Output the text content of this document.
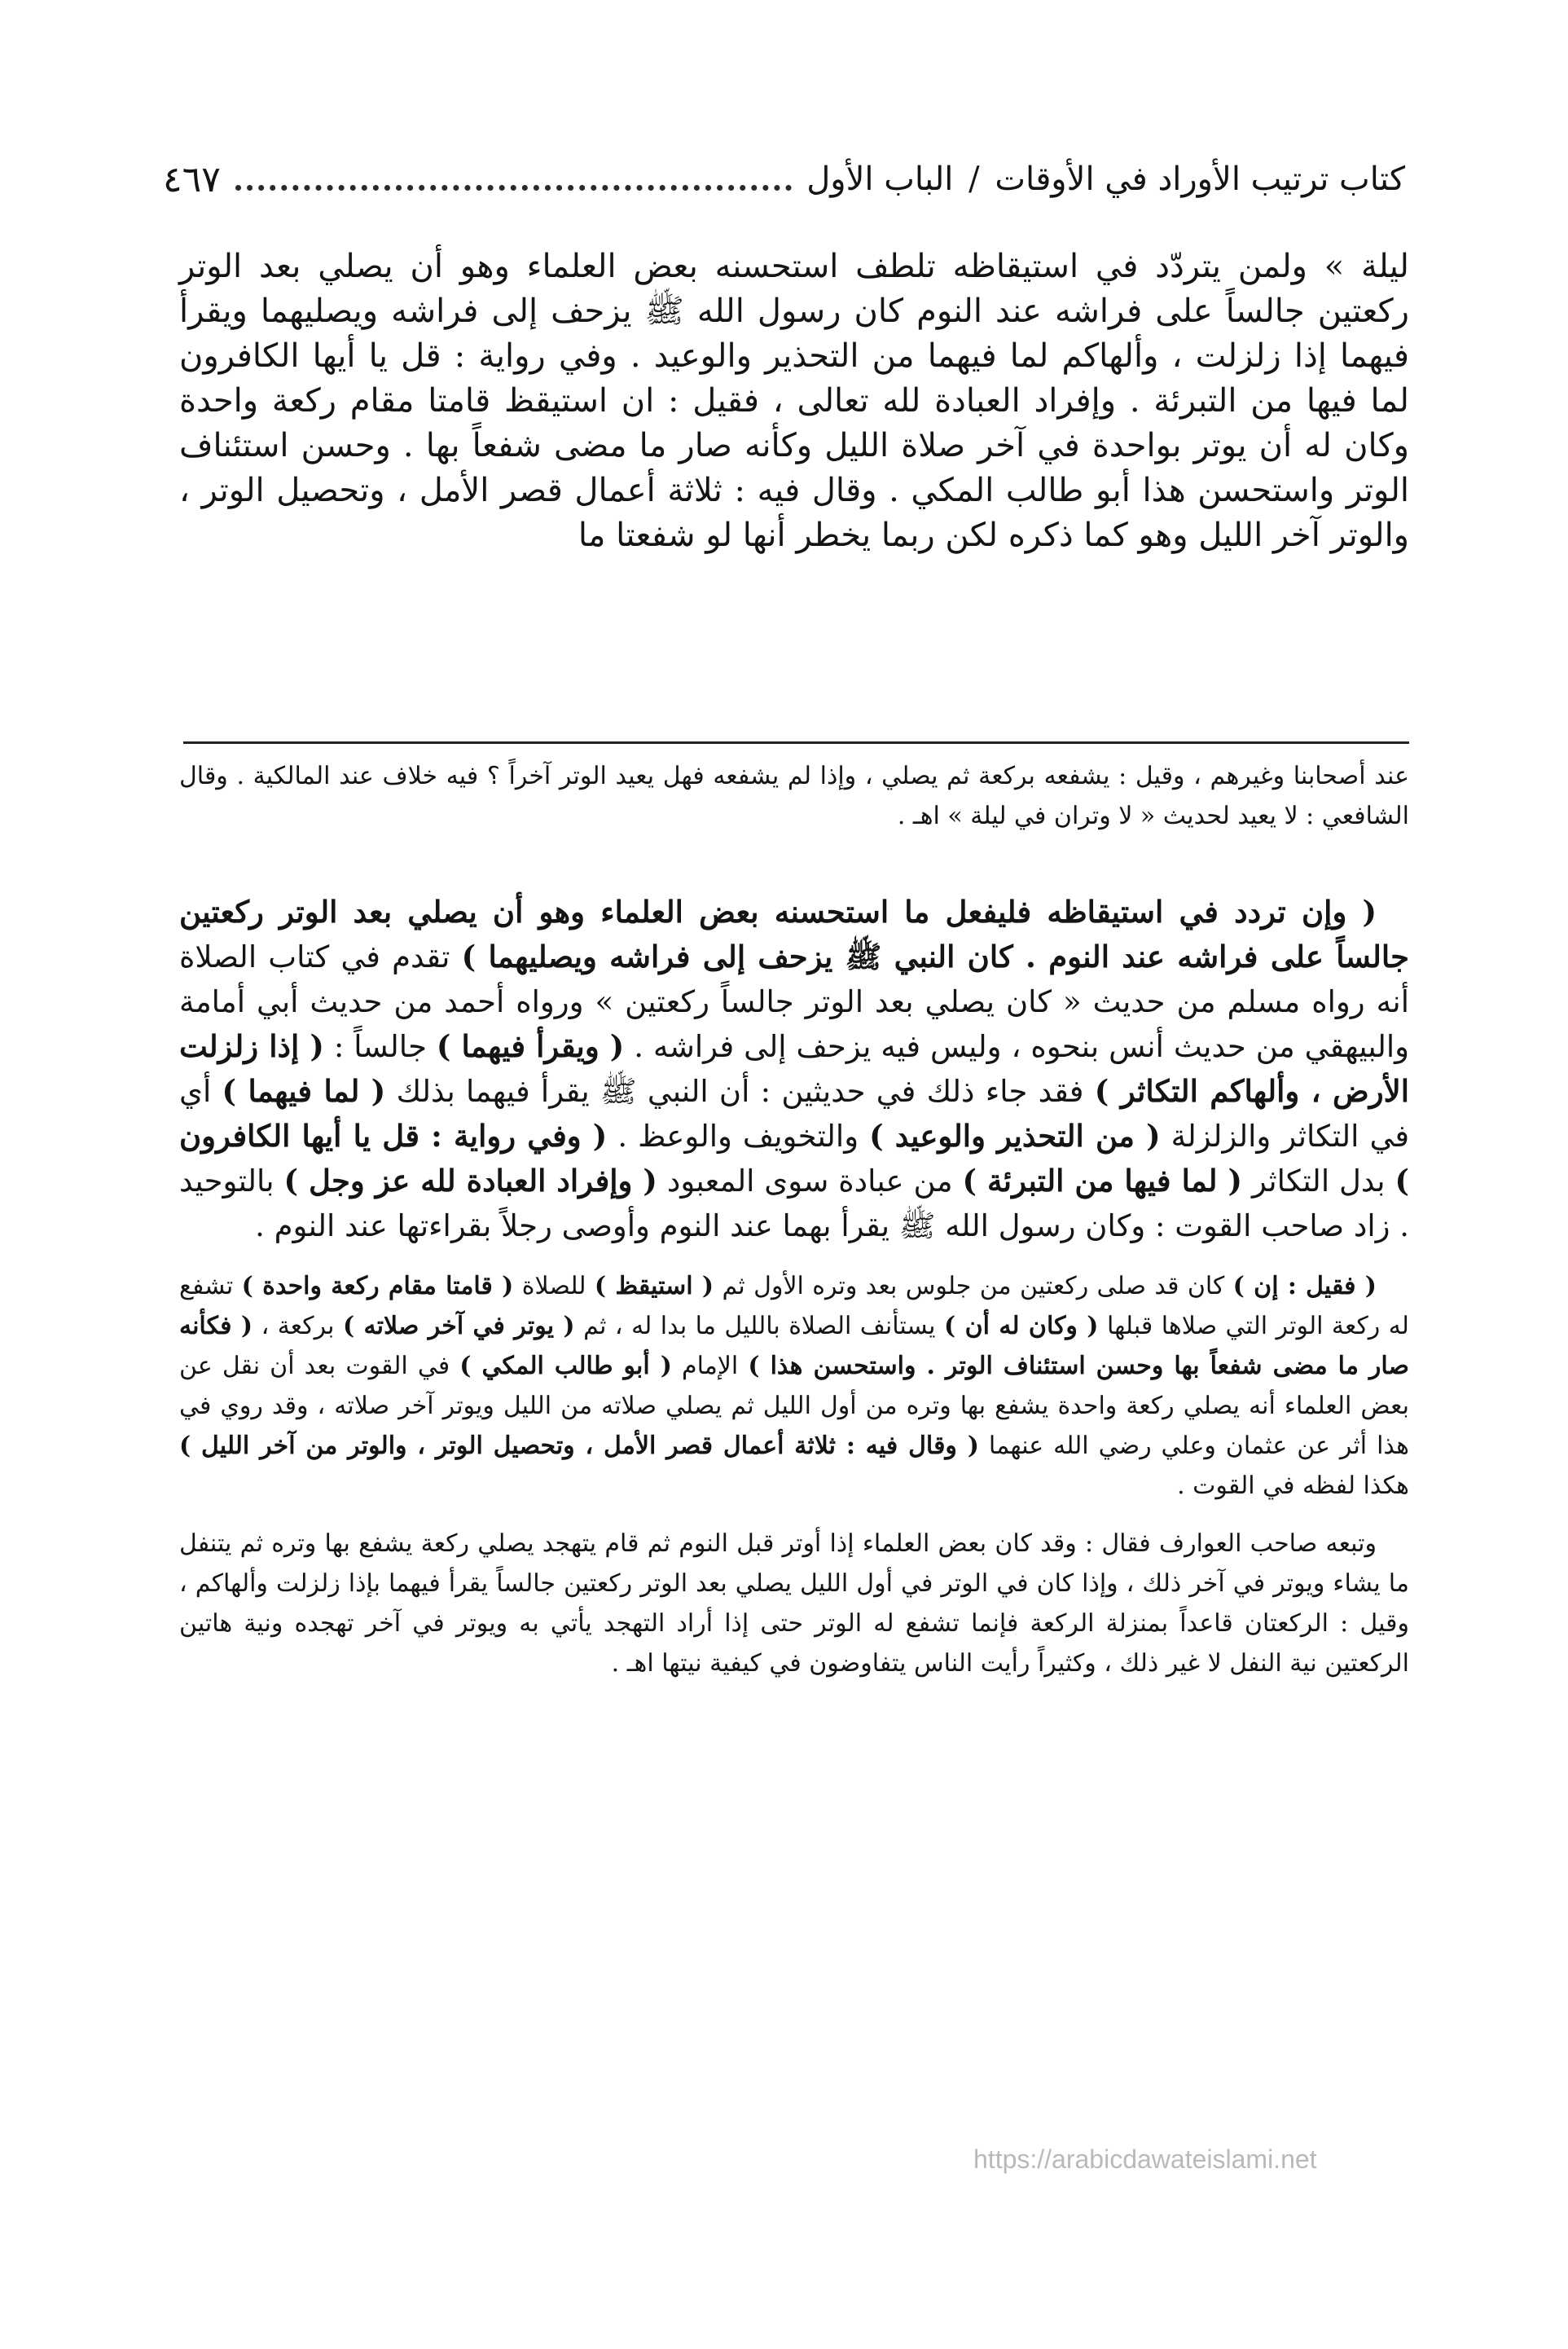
كتاب ترتيب الأوراد في الأوقات / الباب الأول
٤٦٧
ليلة » ولمن يتردّد في استيقاظه تلطف استحسنه بعض العلماء وهو أن يصلي بعد الوتر ركعتين جالساً على فراشه عند النوم كان رسول الله ﷺ يزحف إلى فراشه ويصليهما ويقرأ فيهما إذا زلزلت ، وألهاكم لما فيهما من التحذير والوعيد . وفي رواية : قل يا أيها الكافرون لما فيها من التبرئة . وإفراد العبادة لله تعالى ، فقيل : ان استيقظ قامتا مقام ركعة واحدة وكان له أن يوتر بواحدة في آخر صلاة الليل وكأنه صار ما مضى شفعاً بها . وحسن استئناف الوتر واستحسن هذا أبو طالب المكي . وقال فيه : ثلاثة أعمال قصر الأمل ، وتحصيل الوتر ، والوتر آخر الليل وهو كما ذكره لكن ربما يخطر أنها لو شفعتا ما
عند أصحابنا وغيرهم ، وقيل : يشفعه بركعة ثم يصلي ، وإذا لم يشفعه فهل يعيد الوتر آخراً ؟ فيه خلاف عند المالكية . وقال الشافعي : لا يعيد لحديث « لا وتران في ليلة » اهـ .

( وإن تردد في استيقاظه فليفعل ما استحسنه بعض العلماء وهو أن يصلي بعد الوتر ركعتين جالساً على فراشه عند النوم . كان النبي ﷺ يزحف إلى فراشه ويصليهما ) تقدم في كتاب الصلاة أنه رواه مسلم من حديث « كان يصلي بعد الوتر جالساً ركعتين » ورواه أحمد من حديث أبي أمامة والبيهقي من حديث أنس بنحوه ، وليس فيه يزحف إلى فراشه . ( ويقرأ فيهما ) جالساً : ( إذا زلزلت الأرض ، وألهاكم التكاثر ) فقد جاء ذلك في حديثين : أن النبي ﷺ يقرأ فيهما بذلك ( لما فيهما ) أي في التكاثر والزلزلة ( من التحذير والوعيد ) والتخويف والوعظ . ( وفي رواية : قل يا أيها الكافرون ) بدل التكاثر ( لما فيها من التبرئة ) من عبادة سوى المعبود ( وإفراد العبادة لله عز وجل ) بالتوحيد . زاد صاحب القوت : وكان رسول الله ﷺ يقرأ بهما عند النوم وأوصى رجلاً بقراءتها عند النوم .

( فقيل : إن ) كان قد صلى ركعتين من جلوس بعد وتره الأول ثم ( استيقظ ) للصلاة ( قامتا مقام ركعة واحدة ) تشفع له ركعة الوتر التي صلاها قبلها ( وكان له أن ) يستأنف الصلاة بالليل ما بدا له ، ثم ( يوتر في آخر صلاته ) بركعة ، ( فكأنه صار ما مضى شفعاً بها وحسن استئناف الوتر . واستحسن هذا ) الإمام ( أبو طالب المكي ) في القوت بعد أن نقل عن بعض العلماء أنه يصلي ركعة واحدة يشفع بها وتره من أول الليل ثم يصلي صلاته من الليل ويوتر آخر صلاته ، وقد روي في هذا أثر عن عثمان وعلي رضي الله عنهما ( وقال فيه : ثلاثة أعمال قصر الأمل ، وتحصيل الوتر ، والوتر من آخر الليل ) هكذا لفظه في القوت .

وتبعه صاحب العوارف فقال : وقد كان بعض العلماء إذا أوتر قبل النوم ثم قام يتهجد يصلي ركعة يشفع بها وتره ثم يتنفل ما يشاء ويوتر في آخر ذلك ، وإذا كان في الوتر في أول الليل يصلي بعد الوتر ركعتين جالساً يقرأ فيهما بإذا زلزلت وألهاكم ، وقيل : الركعتان قاعداً بمنزلة الركعة فإنما تشفع له الوتر حتى إذا أراد التهجد يأتي به ويوتر في آخر تهجده ونية هاتين الركعتين نية النفل لا غير ذلك ، وكثيراً رأيت الناس يتفاوضون في كيفية نيتها اهـ .

https://arabicdawateislami.net
